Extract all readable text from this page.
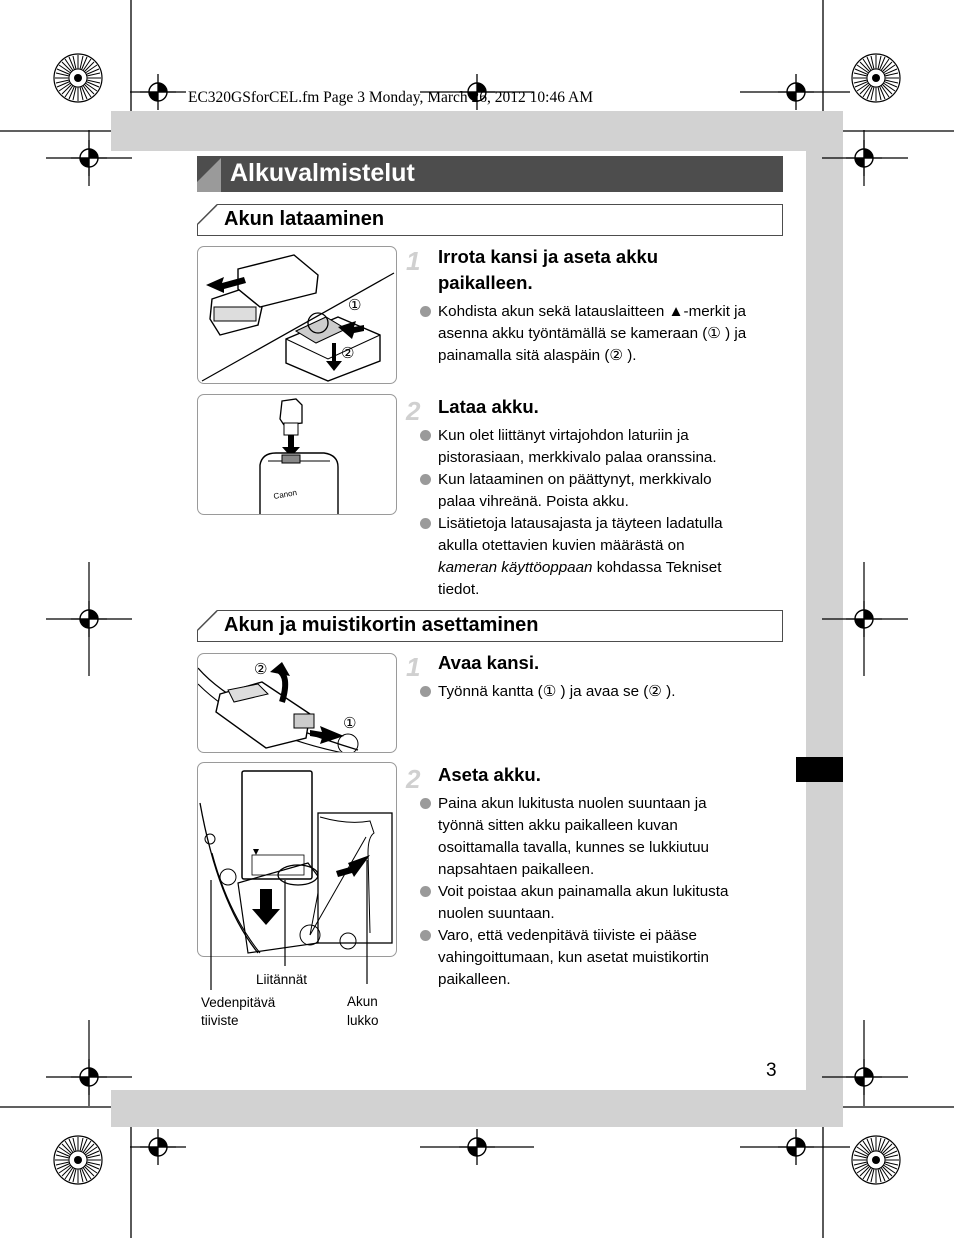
EC320GSforCEL.fm Page 3 Monday, March 26, 2012 10:46 AM
Alkuvalmistelut
Akun lataaminen
①
②
1 Irrota kansi ja aseta akku
paikalleen.
Kohdista akun sekä latauslaitteen ▲-merkit ja
asenna akku työntämällä se kameraan (① ) ja
painamalla sitä alaspäin (② ).
Canon
2 Lataa akku.
Kun olet liittänyt virtajohdon laturiin ja
pistorasiaan, merkkivalo palaa oranssina.
Kun lataaminen on päättynyt, merkkivalo
palaa vihreänä. Poista akku.
Lisätietoja latausajasta ja täyteen ladatulla
akulla otettavien kuvien määrästä on
kameran käyttöoppaan kohdassa Tekniset
tiedot.
Akun ja muistikortin asettaminen
②
①
1 Avaa kansi.
Työnnä kantta (① ) ja avaa se (② ).
Liitännät
Vedenpitävä
tiiviste
Akun
lukko
2 Aseta akku.
Paina akun lukitusta nuolen suuntaan ja
työnnä sitten akku paikalleen kuvan
osoittamalla tavalla, kunnes se lukkiutuu
napsahtaen paikalleen.
Voit poistaa akun painamalla akun lukitusta
nuolen suuntaan.
Varo, että vedenpitävä tiiviste ei pääse
vahingoittumaan, kun asetat muistikortin
paikalleen.
3
